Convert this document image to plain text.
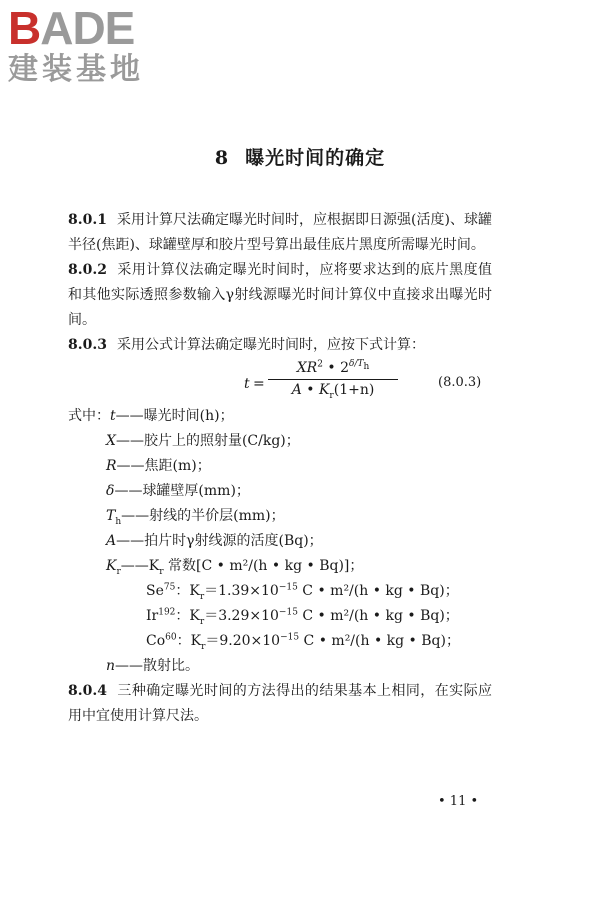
BADE
建装基地
8 曝光时间的确定
8.0.1 采用计算尺法确定曝光时间时，应根据即日源强(活度)、球罐半径(焦距)、球罐壁厚和胶片型号算出最佳底片黑度所需曝光时间。
8.0.2 采用计算仪法确定曝光时间时，应将要求达到的底片黑度值和其他实际透照参数输入γ射线源曝光时间计算仪中直接求出曝光时间。
8.0.3 采用公式计算法确定曝光时间时，应按下式计算：
$t = \frac{XR^2 • 2^{\delta/T_h}}{A • K_r(1+n)}$	(8.0.3)
式中：t——曝光时间(h)；
X——胶片上的照射量(C/kg)；
R——焦距(m)；
δ——球罐壁厚(mm)；
$T_h——$射线的半价层(mm)；
A——拍片时γ射线源的活度(Bq)；
$K_r——K_r$ 常数[C • m²/(h • kg • Bq)]；
Se$^{75}$：$K_r=1.39\times 10^{-15}$ C • m²/(h • kg • Bq)；
Ir$^{192}$：$K_r=3.29\times 10^{-15}$ C • m²/(h • kg • Bq)；
Co$^{60}$：$K_r=9.20\times 10^{-15}$ C • m²/(h • kg • Bq)；
n——散射比。
8.0.4 三种确定曝光时间的方法得出的结果基本上相同，在实际应用中宜使用计算尺法。
• 11 •
